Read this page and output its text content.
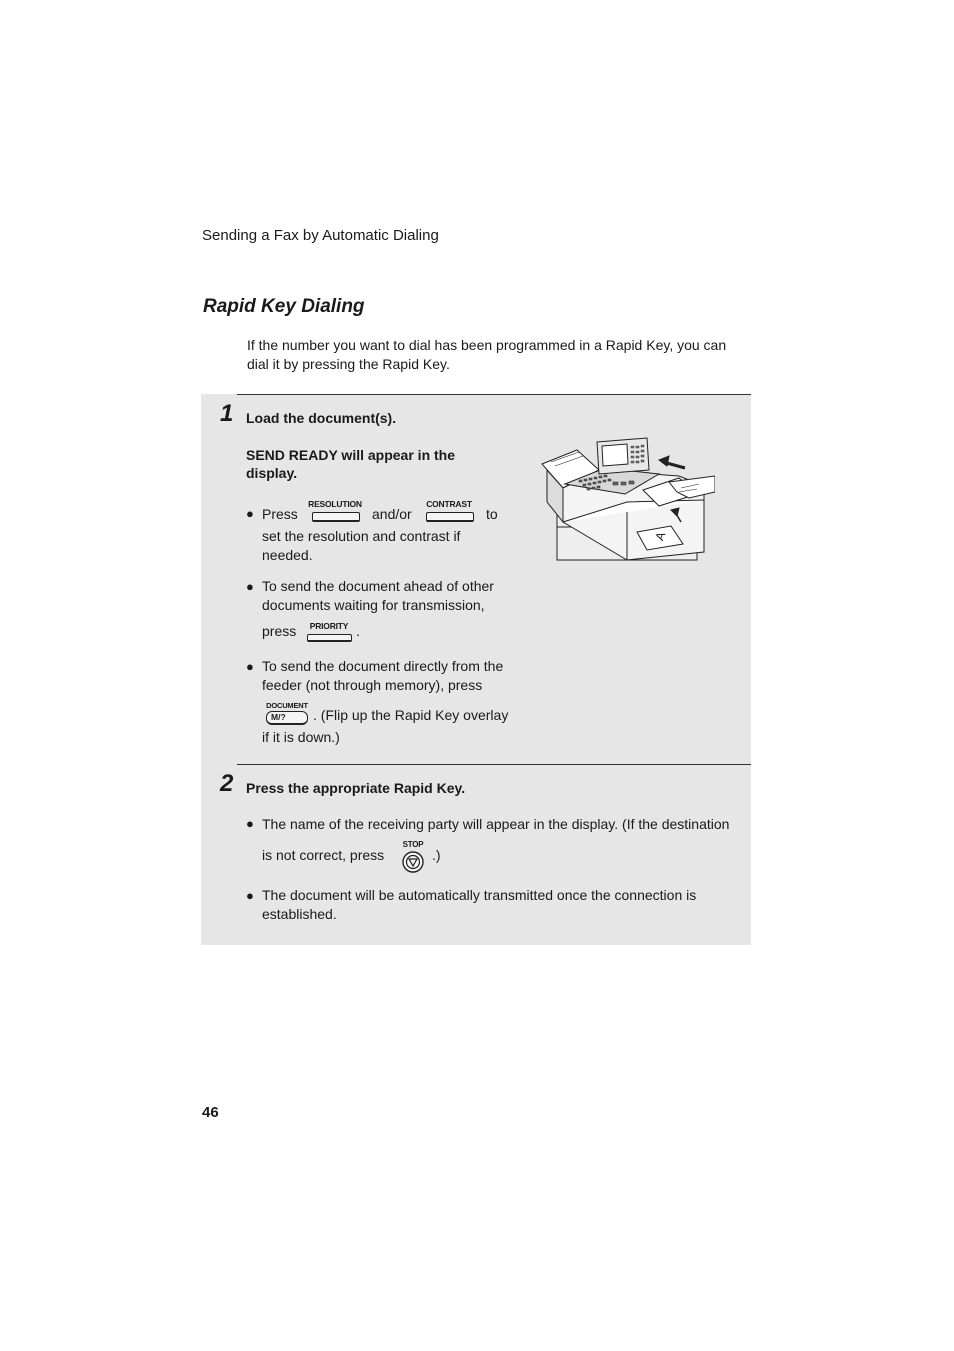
Sending a Fax by Automatic Dialing
Rapid Key Dialing
If the number you want to dial has been programmed in a Rapid Key, you can
dial it by pressing the Rapid Key.
1 Load the document(s).
SEND READY will appear in the
display.
● Press
RESOLUTION
and/or
CONTRAST
to
set the resolution and contrast if
needed.
● To send the document ahead of other
documents waiting for transmission,
press	PRIORITY .
● To send the document directly from the
feeder (not through memory), press
DOCUMENT
M/?	. (Flip up the Rapid Key overlay
if it is down.)
A
2 Press the appropriate Rapid Key.
● The name of the receiving party will appear in the display. (If the destination
is not correct, press
STOP
.)
● The document will be automatically transmitted once the connection is
established.
46
